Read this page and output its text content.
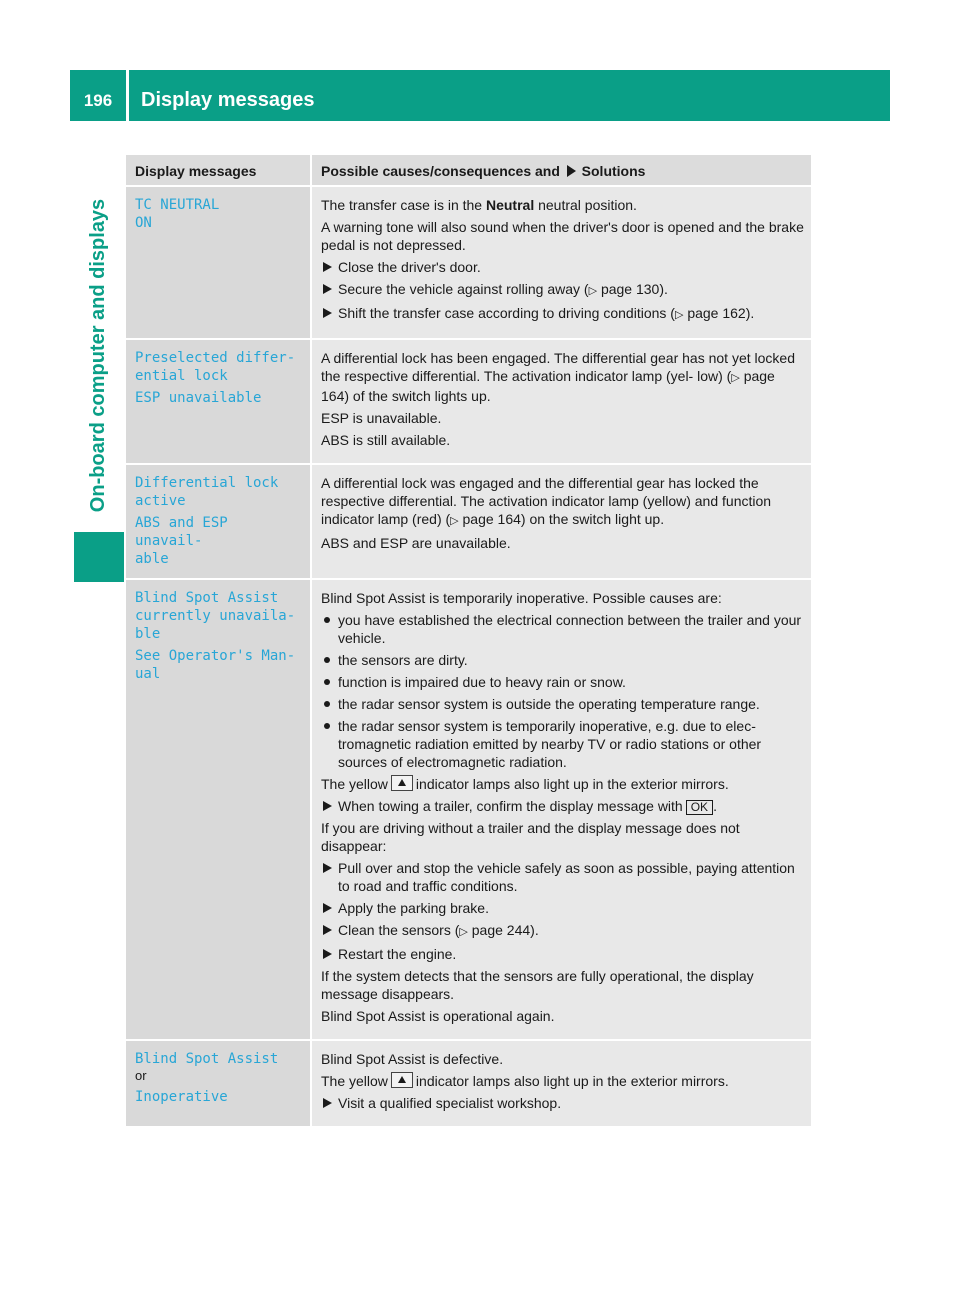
196	Display messages
On-board computer and displays
Display messages	Possible causes/consequences and Solutions
TC NEUTRAL
ON

The transfer case is in the Neutral neutral position.

A warning tone will also sound when the driver's door is opened and the brake pedal is not depressed.

Close the driver's door.
Secure the vehicle against rolling away (▷ page 130).
Shift the transfer case according to driving conditions (▷ page 162).
Preselected differ‐
ential lock
ESP unavailable

A differential lock has been engaged. The differential gear has not yet locked the respective differential. The activation indicator lamp (yel‐ low) (▷ page 164) of the switch lights up.

ESP is unavailable.

ABS is still available.

Differential lock
active
ABS and ESP unavail‐
able

A differential lock was engaged and the differential gear has locked the respective differential. The activation indicator lamp (yellow) and function indicator lamp (red) (▷ page 164) on the switch light up.

ABS and ESP are unavailable.

Blind Spot Assist
currently unavaila‐
ble
See Operator's Man‐
ual

Blind Spot Assist is temporarily inoperative. Possible causes are:

you have established the electrical connection between the trailer and your vehicle.
the sensors are dirty.
function is impaired due to heavy rain or snow.
the radar sensor system is outside the operating temperature range.
the radar sensor system is temporarily inoperative, e.g. due to elec‐ tromagnetic radiation emitted by nearby TV or radio stations or other sources of electromagnetic radiation.

The yellow indicator lamps also light up in the exterior mirrors.

When towing a trailer, confirm the display message with OK .

If you are driving without a trailer and the display message does not disappear:

Pull over and stop the vehicle safely as soon as possible, paying attention to road and traffic conditions.
Apply the parking brake.
Clean the sensors (▷ page 244).
Restart the engine.

If the system detects that the sensors are fully operational, the display message disappears.

Blind Spot Assist is operational again.

Blind Spot Assist
or
Inoperative

Blind Spot Assist is defective.

The yellow indicator lamps also light up in the exterior mirrors.

Visit a qualified specialist workshop.
